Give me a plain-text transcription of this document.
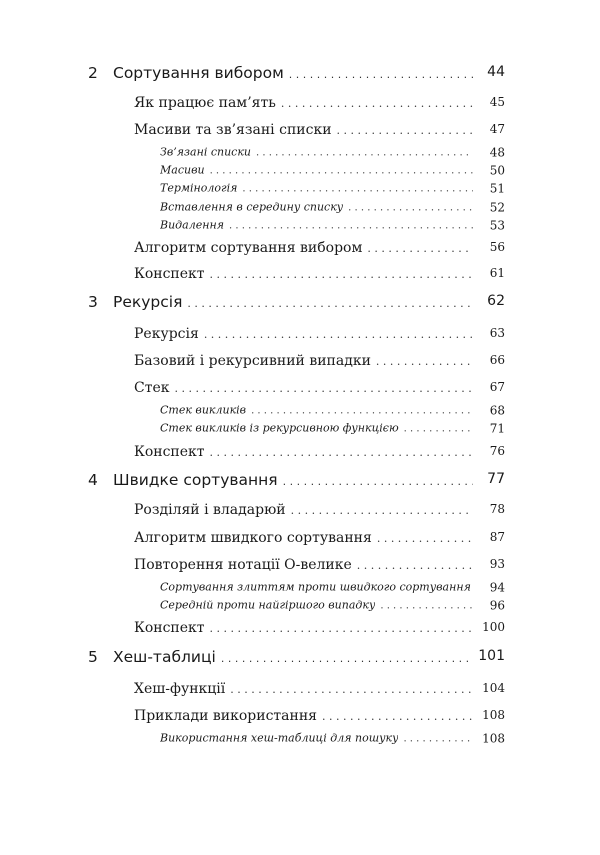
2 Сортування вибором . . .	44
Як працює пам’ять . . .	45
Масиви та зв’язані списки . . .	47
Зв’язані списки . . .	48
Масиви . . .	50
Термінологія . . .	51
Вставлення в середину списку . . .	52
Видалення . . .	53
Алгоритм сортування вибором . . .	56
Конспект . . .	61
3 Рекурсія . . .	62
Рекурсія . . .	63
Базовий і рекурсивний випадки . . .	66
Стек . . .	67
Стек викликів . . .	68
Стек викликів із рекурсивною функцією . . .	71
Конспект . . .	76
4 Швидке сортування . . .	77
Розділяй і владарюй . . .	78
Алгоритм швидкого сортування . . .	87
Повторення нотації О-велике . . .	93
Сортування злиттям проти швидкого сортування 94
Середній проти найгіршого випадку . . .	96
Конспект . . .	100
5 Хеш-таблиці . . .	101
Хеш-функції . . .	104
Приклади використання . . .	108
Використання хеш-таблиці для пошуку . . .	108
